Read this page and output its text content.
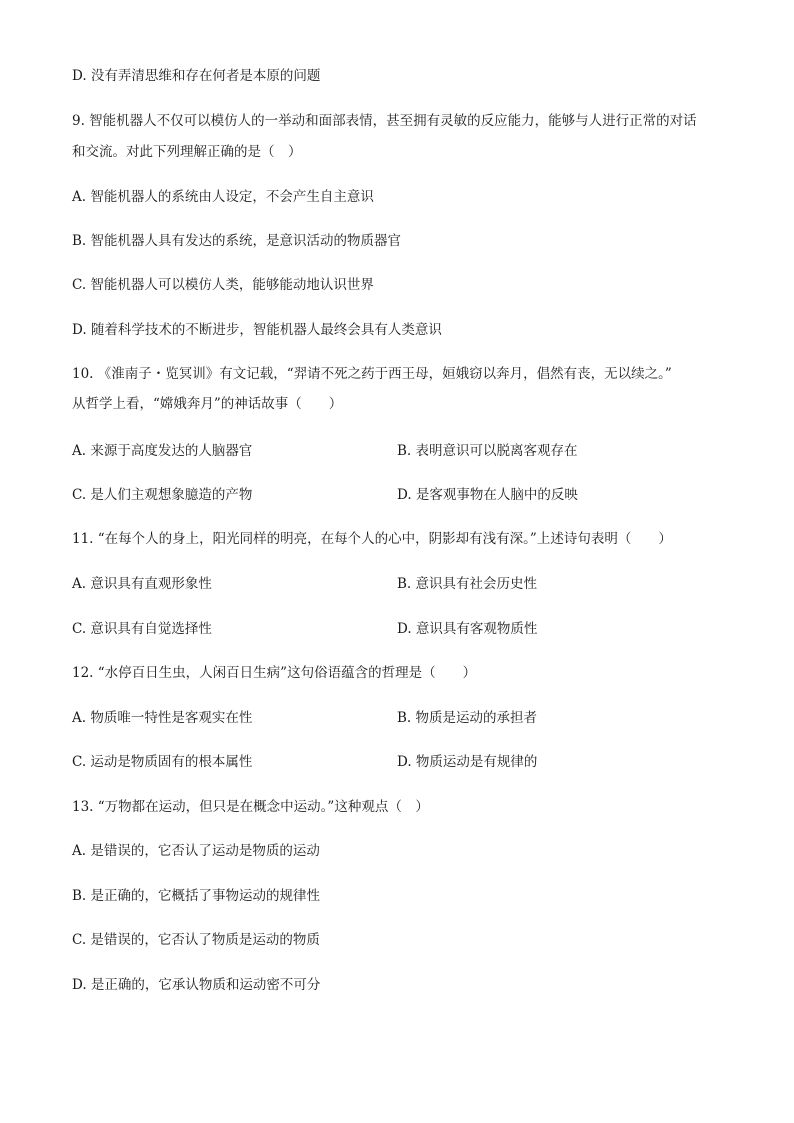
D. 没有弄清思维和存在何者是本原的问题
9. 智能机器人不仅可以模仿人的一举动和面部表情，甚至拥有灵敏的反应能力，能够与人进行正常的对话
和交流。对此下列理解正确的是（　）
A. 智能机器人的系统由人设定，不会产生自主意识
B. 智能机器人具有发达的系统，是意识活动的物质器官
C. 智能机器人可以模仿人类，能够能动地认识世界
D. 随着科学技术的不断进步，智能机器人最终会具有人类意识
10. 《淮南子・览冥训》有文记载，“羿请不死之药于西王母，姮娥窃以奔月，倡然有丧，无以续之。”
从哲学上看，“嫦娥奔月”的神话故事（　　）
A. 来源于高度发达的人脑器官	B. 表明意识可以脱离客观存在
C. 是人们主观想象臆造的产物	D. 是客观事物在人脑中的反映
11. “在每个人的身上，阳光同样的明亮，在每个人的心中，阴影却有浅有深。”上述诗句表明（　　）
A. 意识具有直观形象性	B. 意识具有社会历史性
C. 意识具有自觉选择性	D. 意识具有客观物质性
12. “水停百日生虫，人闲百日生病”这句俗语蕴含的哲理是（　　）
A. 物质唯一特性是客观实在性	B. 物质是运动的承担者
C. 运动是物质固有的根本属性	D. 物质运动是有规律的
13. “万物都在运动，但只是在概念中运动。”这种观点（　）
A. 是错误的，它否认了运动是物质的运动
B. 是正确的，它概括了事物运动的规律性
C. 是错误的，它否认了物质是运动的物质
D. 是正确的，它承认物质和运动密不可分
